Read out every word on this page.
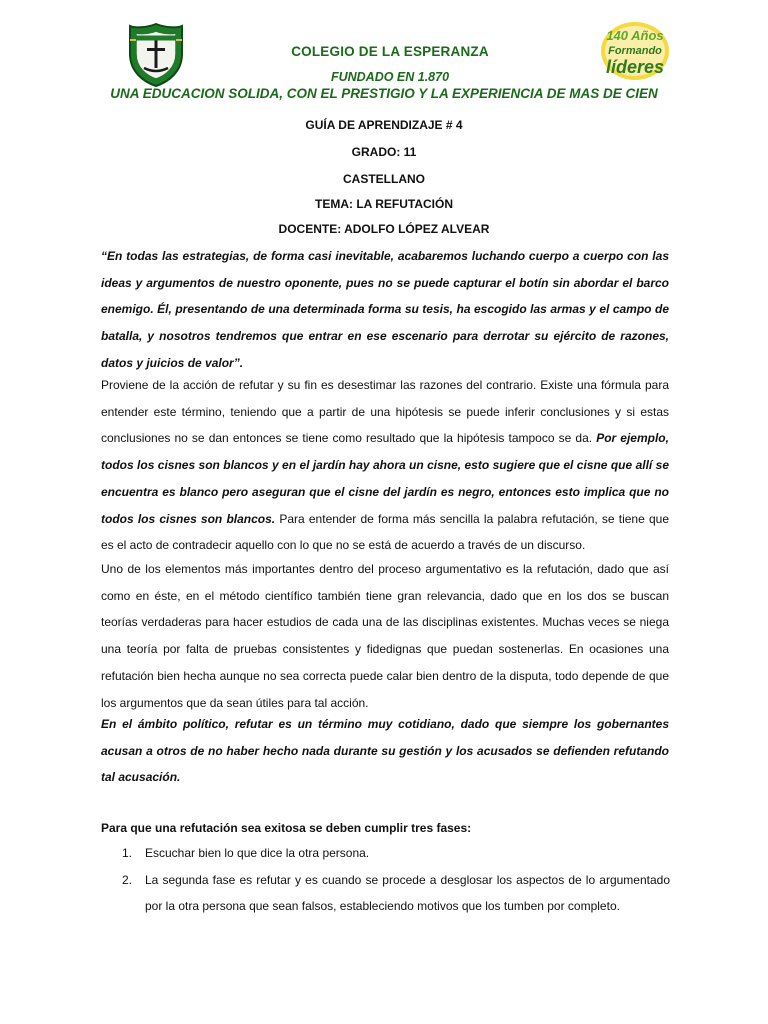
COLEGIO DE LA ESPERANZA
FUNDADO EN 1.870
UNA EDUCACION SOLIDA, CON EL PRESTIGIO Y LA EXPERIENCIA DE MAS DE CIEN
140 Años
Formando
líderes
GUÍA DE APRENDIZAJE # 4
GRADO: 11
CASTELLANO
TEMA: LA REFUTACIÓN
DOCENTE: ADOLFO LÓPEZ ALVEAR
“En todas las estrategias, de forma casi inevitable, acabaremos luchando cuerpo a cuerpo con las ideas y argumentos de nuestro oponente, pues no se puede capturar el botín sin abordar el barco enemigo. Él, presentando de una determinada forma su tesis, ha escogido las armas y el campo de batalla, y nosotros tendremos que entrar en ese escenario para derrotar su ejército de razones, datos y juicios de valor”.
Proviene de la acción de refutar y su fin es desestimar las razones del contrario. Existe una fórmula para entender este término, teniendo que a partir de una hipótesis se puede inferir conclusiones y si estas conclusiones no se dan entonces se tiene como resultado que la hipótesis tampoco se da. Por ejemplo, todos los cisnes son blancos y en el jardín hay ahora un cisne, esto sugiere que el cisne que allí se encuentra es blanco pero aseguran que el cisne del jardín es negro, entonces esto implica que no todos los cisnes son blancos. Para entender de forma más sencilla la palabra refutación, se tiene que es el acto de contradecir aquello con lo que no se está de acuerdo a través de un discurso.
Uno de los elementos más importantes dentro del proceso argumentativo es la refutación, dado que así como en éste, en el método científico también tiene gran relevancia, dado que en los dos se buscan teorías verdaderas para hacer estudios de cada una de las disciplinas existentes. Muchas veces se niega una teoría por falta de pruebas consistentes y fidedignas que puedan sostenerlas. En ocasiones una refutación bien hecha aunque no sea correcta puede calar bien dentro de la disputa, todo depende de que los argumentos que da sean útiles para tal acción.
En el ámbito político, refutar es un término muy cotidiano, dado que siempre los gobernantes acusan a otros de no haber hecho nada durante su gestión y los acusados se defienden refutando tal acusación.
Para que una refutación sea exitosa se deben cumplir tres fases:
1. Escuchar bien lo que dice la otra persona.
2. La segunda fase es refutar y es cuando se procede a desglosar los aspectos de lo argumentado por la otra persona que sean falsos, estableciendo motivos que los tumben por completo.
